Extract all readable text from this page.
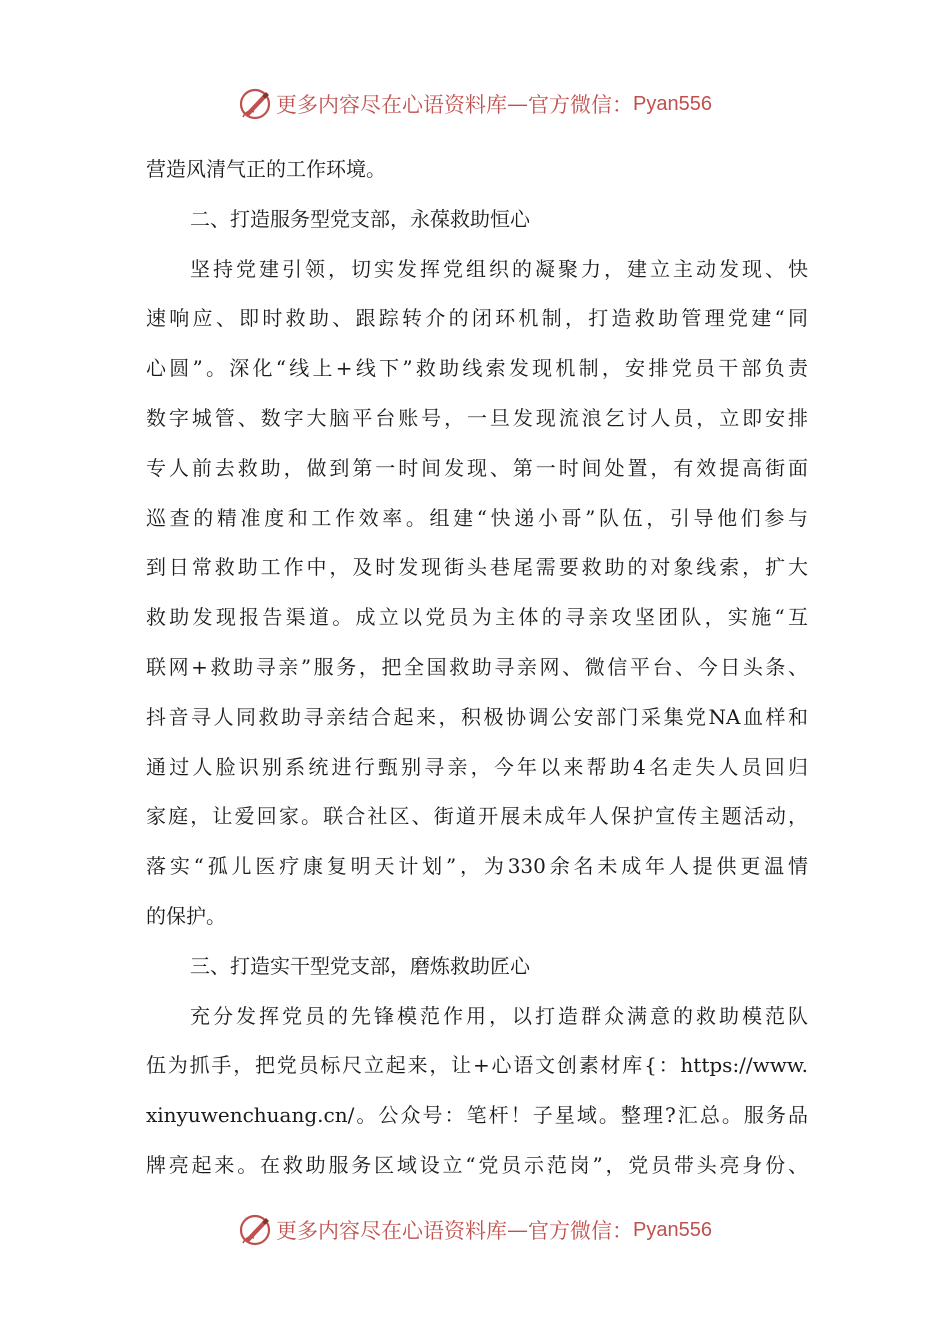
更多内容尽在心语资料库 — 官方微信： Pyan556
营造风清气正的工作环境。
二、打造服务型党支部，永葆救助恒心
坚持党建引领，切实发挥党组织的凝聚力，建立主动发现、快
速响应、即时救助、跟踪转介的闭环机制，打造救助管理党建“同
心圆”。深化“线上+线下”救助线索发现机制，安排党员干部负责
数字城管、数字大脑平台账号，一旦发现流浪乞讨人员，立即安排
专人前去救助，做到第一时间发现、第一时间处置，有效提高街面
巡查的精准度和工作效率。组建“快递小哥”队伍，引导他们参与
到日常救助工作中，及时发现街头巷尾需要救助的对象线索，扩大
救助发现报告渠道。成立以党员为主体的寻亲攻坚团队，实施“互
联网+救助寻亲”服务，把全国救助寻亲网、微信平台、今日头条、
抖音寻人同救助寻亲结合起来，积极协调公安部门采集党NA血样和
通过人脸识别系统进行甄别寻亲，今年以来帮助4名走失人员回归
家庭，让爱回家。联合社区、街道开展未成年人保护宣传主题活动，
落实“孤儿医疗康复明天计划”，为330余名未成年人提供更温情
的保护。
三、打造实干型党支部，磨炼救助匠心
充分发挥党员的先锋模范作用，以打造群众满意的救助模范队
伍为抓手，把党员标尺立起来，让+心语文创素材库{：https://www.
xinyuwenchuang.cn/。公众号：笔杆！子星域。整理?汇总。服务品
牌亮起来。在救助服务区域设立“党员示范岗”，党员带头亮身份、
更多内容尽在心语资料库 — 官方微信： Pyan556
